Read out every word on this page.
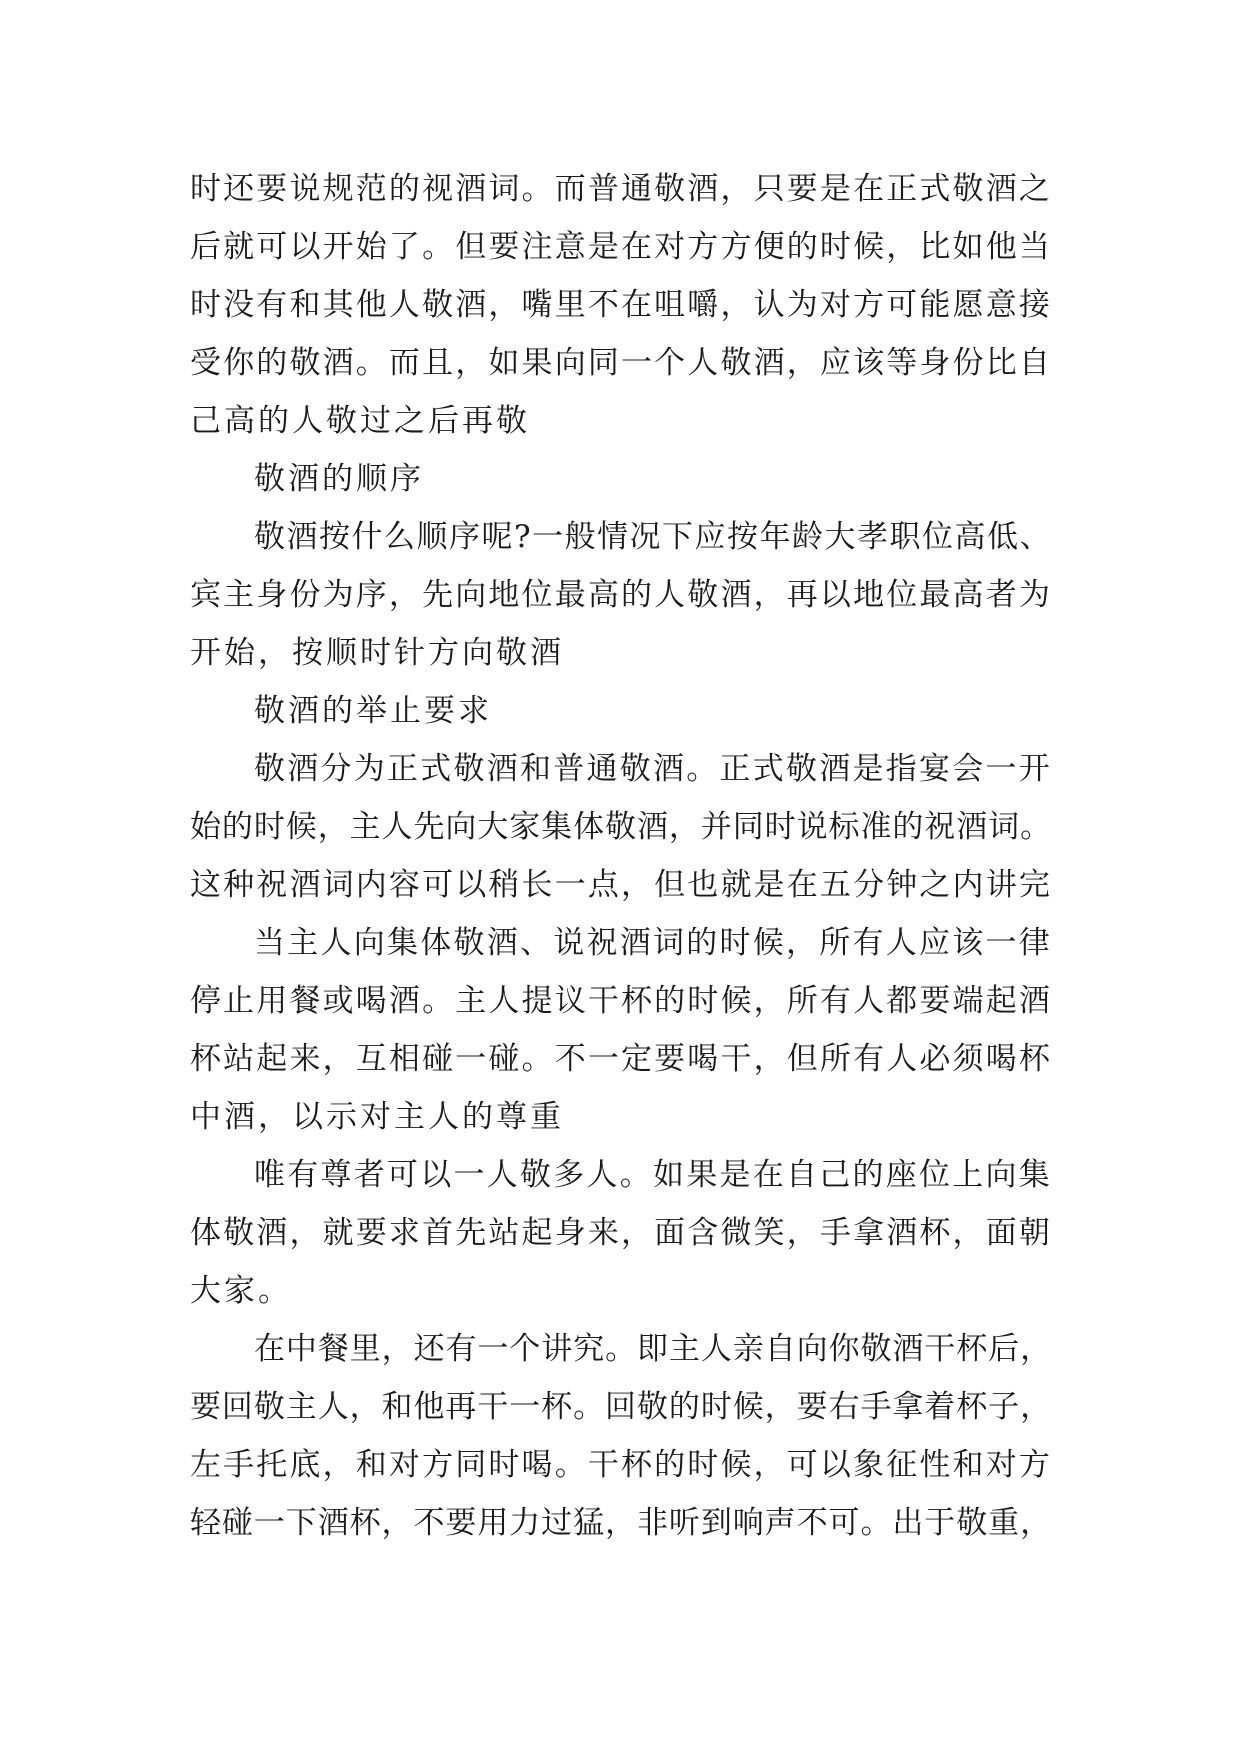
时还要说规范的视酒词。而普通敬酒，只要是在正式敬酒之
后就可以开始了。但要注意是在对方方便的时候，比如他当
时没有和其他人敬酒，嘴里不在咀嚼，认为对方可能愿意接
受你的敬酒。而且，如果向同一个人敬酒，应该等身份比自
己高的人敬过之后再敬
敬酒的顺序
敬酒按什么顺序呢?一般情况下应按年龄大孝职位高低、
宾主身份为序，先向地位最高的人敬酒，再以地位最高者为
开始，按顺时针方向敬酒
敬酒的举止要求
敬酒分为正式敬酒和普通敬酒。正式敬酒是指宴会一开
始的时候，主人先向大家集体敬酒，并同时说标准的祝酒词。
这种祝酒词内容可以稍长一点，但也就是在五分钟之内讲完
当主人向集体敬酒、说祝酒词的时候，所有人应该一律
停止用餐或喝酒。主人提议干杯的时候，所有人都要端起酒
杯站起来，互相碰一碰。不一定要喝干，但所有人必须喝杯
中酒，以示对主人的尊重
唯有尊者可以一人敬多人。如果是在自己的座位上向集
体敬酒，就要求首先站起身来，面含微笑，手拿酒杯，面朝
大家。
在中餐里，还有一个讲究。即主人亲自向你敬酒干杯后，
要回敬主人，和他再干一杯。回敬的时候，要右手拿着杯子，
左手托底，和对方同时喝。干杯的时候，可以象征性和对方
轻碰一下酒杯，不要用力过猛，非听到响声不可。出于敬重，
